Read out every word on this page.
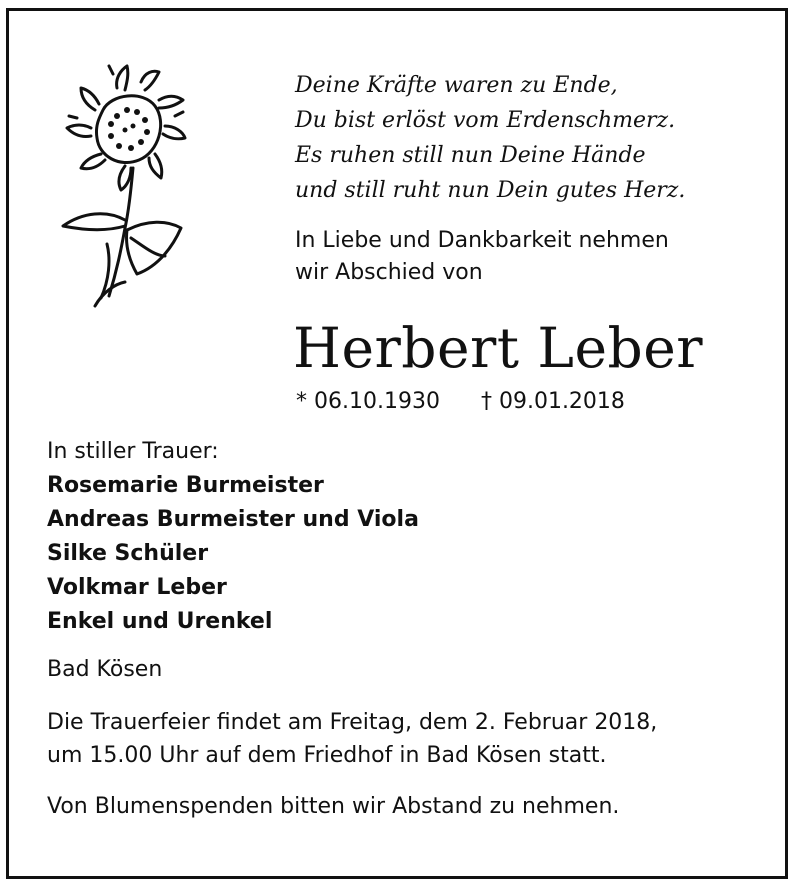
Deine Kräfte waren zu Ende,
Du bist erlöst vom Erdenschmerz.
Es ruhen still nun Deine Hände
und still ruht nun Dein gutes Herz.
In Liebe und Dankbarkeit nehmen
wir Abschied von
Herbert Leber
* 06.10.1930 † 09.01.2018
In stiller Trauer:
Rosemarie Burmeister
Andreas Burmeister und Viola
Silke Schüler
Volkmar Leber
Enkel und Urenkel
Bad Kösen
Die Trauerfeier findet am Freitag, dem 2. Februar 2018,
um 15.00 Uhr auf dem Friedhof in Bad Kösen statt.
Von Blumenspenden bitten wir Abstand zu nehmen.
